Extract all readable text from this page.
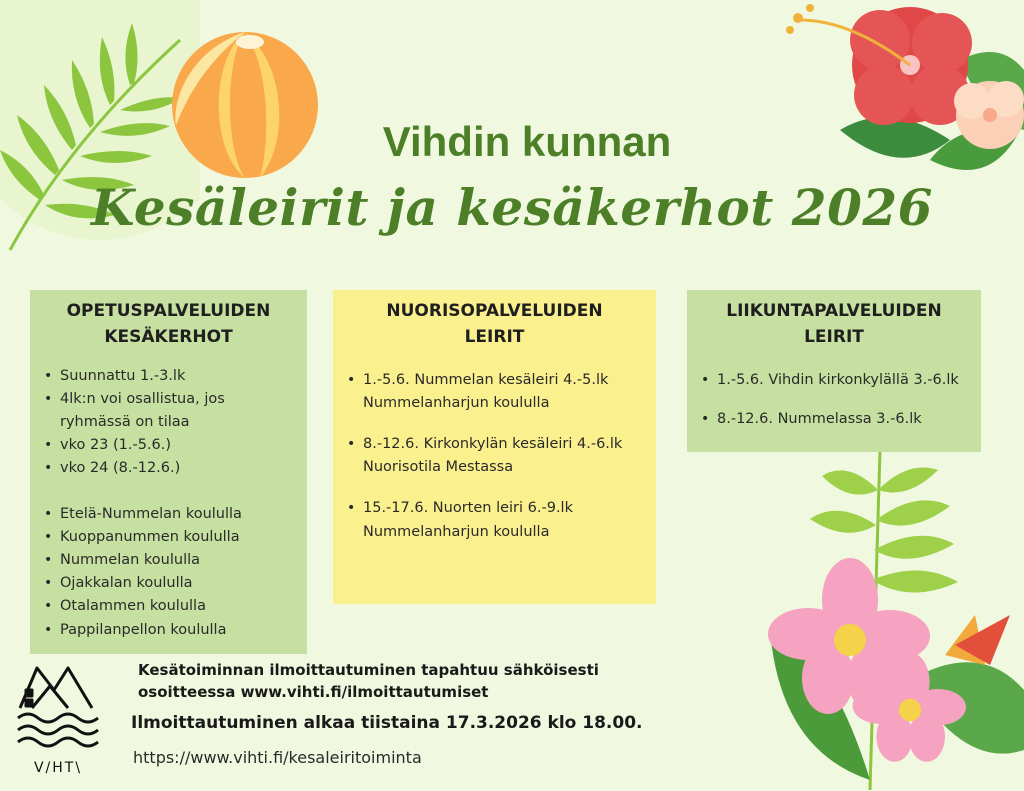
Vihdin kunnan
Kesäleirit ja kesäkerhot 2026
OPETUSPALVELUIDEN
KESÄKERHOT
• Suunnattu 1.-3.lk
• 4lk:n voi osallistua, jos ryhmässä on tilaa
• vko 23 (1.-5.6.)
• vko 24 (8.-12.6.)
• Etelä-Nummelan koululla
• Kuoppanummen koululla
• Nummelan koululla
• Ojakkalan koululla
• Otalammen koululla
• Pappilanpellon koululla
NUORISOPALVELUIDEN
LEIRIT
• 1.-5.6. Nummelan kesäleiri 4.-5.lk Nummelanharjun koululla
• 8.-12.6. Kirkonkylän kesäleiri 4.-6.lk Nuorisotila Mestassa
• 15.-17.6. Nuorten leiri 6.-9.lk Nummelanharjun koululla
LIIKUNTAPALVELUIDEN
LEIRIT
• 1.-5.6. Vihdin kirkonkylällä 3.-6.lk
• 8.-12.6. Nummelassa 3.-6.lk
V/HT\
Kesätoiminnan ilmoittautuminen tapahtuu sähköisesti
osoitteessa www.vihti.fi/ilmoittautumiset
Ilmoittautuminen alkaa tiistaina 17.3.2026 klo 18.00.
https://www.vihti.fi/kesaleiritoiminta
